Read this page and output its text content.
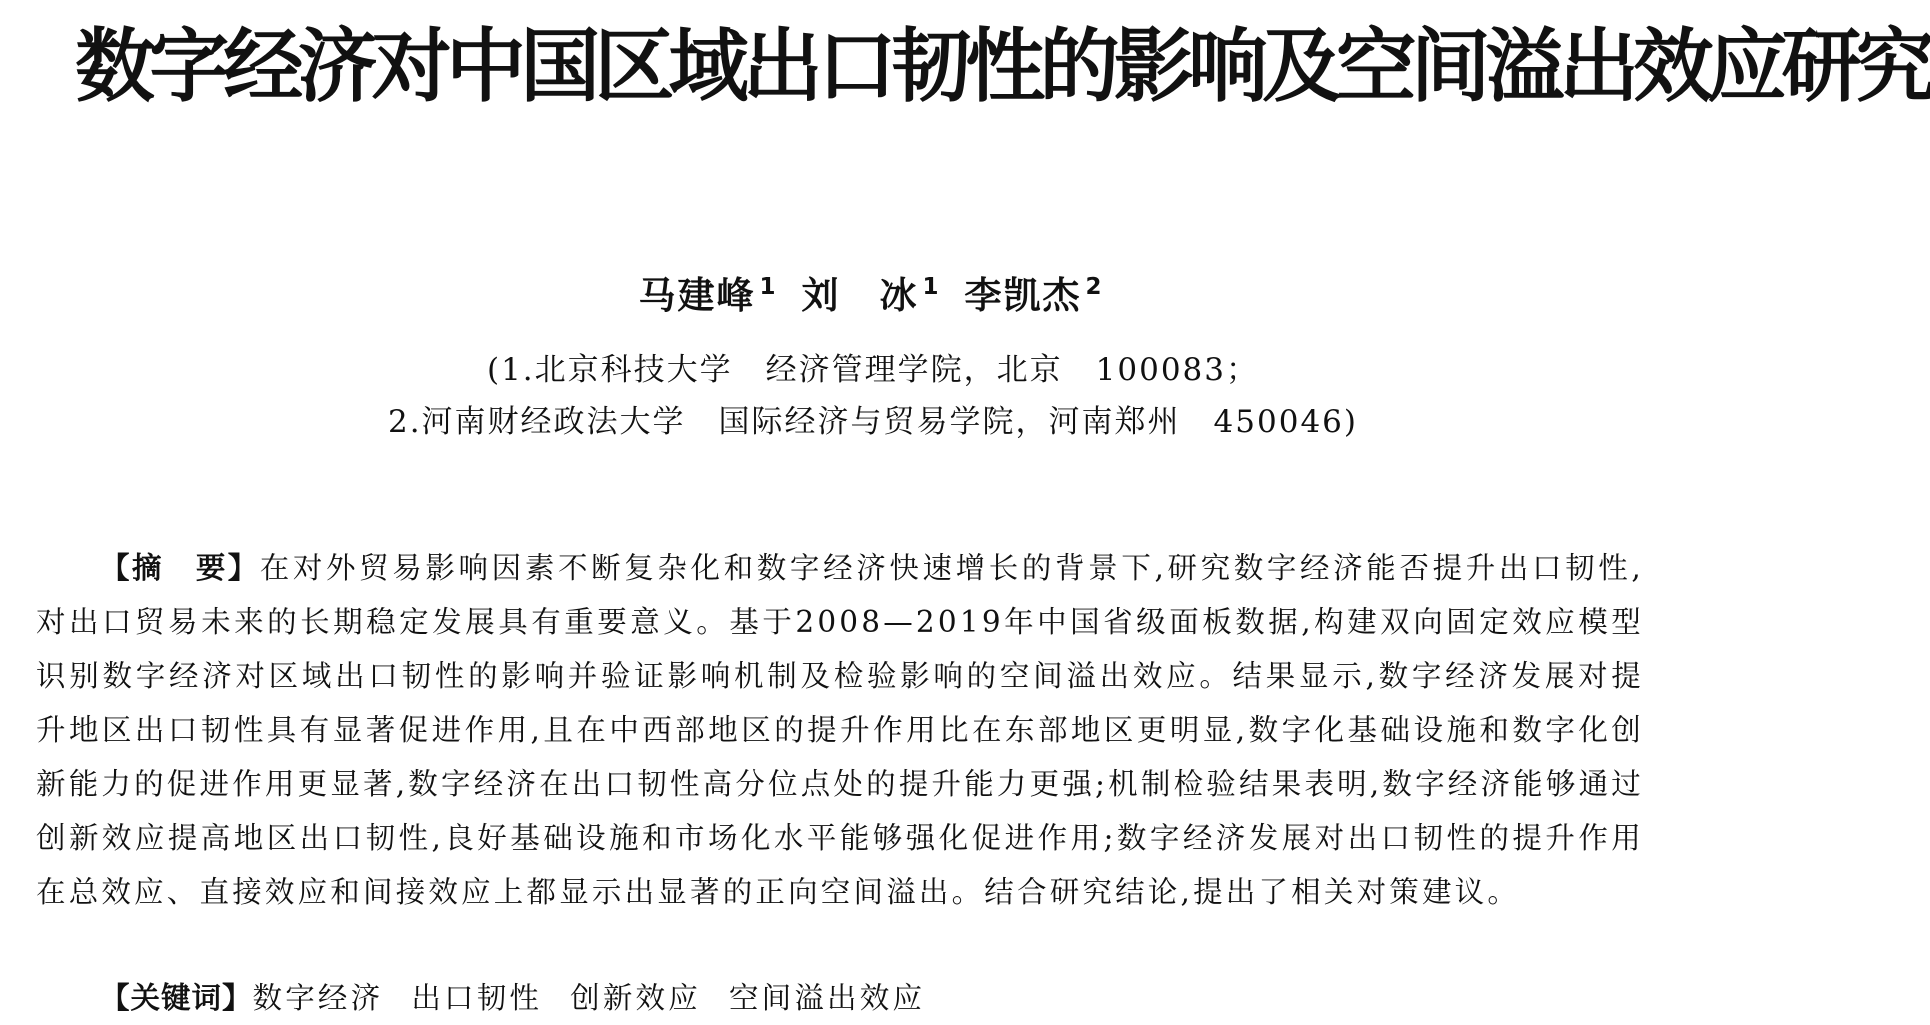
数字经济对中国区域出口韧性的影响及空间溢出效应研究
马建峰 $^1$ 刘　冰 $^1$ 李凯杰 $^2$
(1.北京科技大学　经济管理学院，北京　100083；
2.河南财经政法大学　国际经济与贸易学院，河南郑州　450046)

【摘　要】在对外贸易影响因素不断复杂化和数字经济快速增长的背景下,研究数字经济能否提升出口韧性,对出口贸易未来的长期稳定发展具有重要意义。基于2008—2019年中国省级面板数据,构建双向固定效应模型识别数字经济对区域出口韧性的影响并验证影响机制及检验影响的空间溢出效应。结果显示,数字经济发展对提升地区出口韧性具有显著促进作用,且在中西部地区的提升作用比在东部地区更明显,数字化基础设施和数字化创新能力的促进作用更显著,数字经济在出口韧性高分位点处的提升能力更强;机制检验结果表明,数字经济能够通过创新效应提高地区出口韧性,良好基础设施和市场化水平能够强化促进作用;数字经济发展对出口韧性的提升作用在总效应、直接效应和间接效应上都显示出显著的正向空间溢出。结合研究结论,提出了相关对策建议。

【关键词】数字经济 出口韧性 创新效应 空间溢出效应
